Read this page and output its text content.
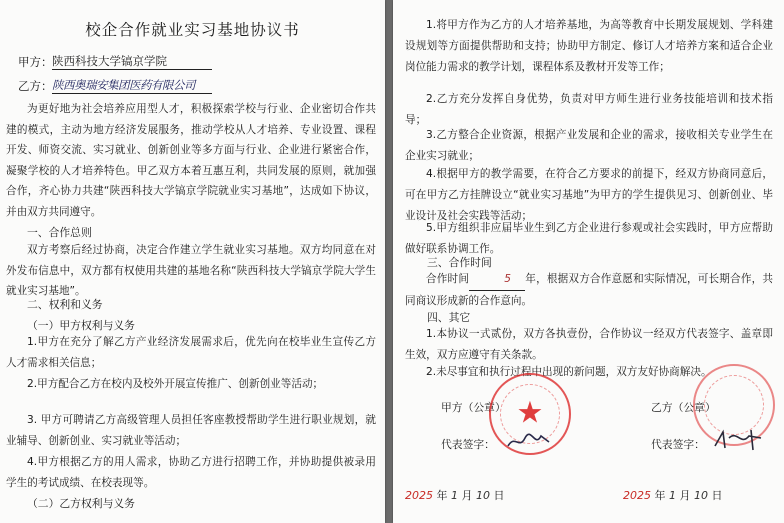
校企合作就业实习基地协议书
甲方： 陕西科技大学镐京学院
乙方： 陕西奥瑞安集团医药有限公司
为更好地为社会培养应用型人才，积极探索学校与行业、企业密切合作共建的模式，主动为地方经济发展服务，推动学校从人才培养、专业设置、课程开发、师资交流、实习就业、创新创业等多方面与行业、企业进行紧密合作，凝聚学校的人才培养特色。甲乙双方本着互惠互利，共同发展的原则，就加强合作，齐心协力共建“陕西科技大学镐京学院就业实习基地”，达成如下协议，并由双方共同遵守。
一、合作总则
双方考察后经过协商，决定合作建立学生就业实习基地。双方均同意在对外发布信息中，双方都有权使用共建的基地名称“陕西科技大学镐京学院大学生就业实习基地”。
二、权利和义务
（一）甲方权利与义务
1.甲方在充分了解乙方产业经济发展需求后，优先向在校毕业生宣传乙方人才需求相关信息；
2.甲方配合乙方在校内及校外开展宣传推广、创新创业等活动；
3. 甲方可聘请乙方高级管理人员担任客座教授帮助学生进行职业规划，就业辅导、创新创业、实习就业等活动；
4.甲方根据乙方的用人需求，协助乙方进行招聘工作，并协助提供被录用学生的考试成绩、在校表现等。
（二）乙方权利与义务
1.将甲方作为乙方的人才培养基地，为高等教育中长期发展规划、学科建设规划等方面提供帮助和支持；协助甲方制定、修订人才培养方案和适合企业岗位能力需求的教学计划，课程体系及教材开发等工作；
2.乙方充分发挥自身优势，负责对甲方师生进行业务技能培训和技术指导；
3.乙方整合企业资源，根据产业发展和企业的需求，接收相关专业学生在企业实习就业；
4.根据甲方的教学需要，在符合乙方要求的前提下，经双方协商同意后，可在甲方乙方挂牌设立“就业实习基地”为甲方的学生提供见习、创新创业、毕业设计及社会实践等活动；
5.甲方组织非应届毕业生到乙方企业进行参观或社会实践时，甲方应帮助做好联系协调工作。
三、合作时间
合作时间	5 年，根据双方合作意愿和实际情况，可长期合作，共同商议形成新的合作意向。
四、其它
1.本协议一式贰份，双方各执壹份，合作协议一经双方代表签字、盖章即生效，双方应遵守有关条款。
2.未尽事宜和执行过程中出现的新问题，双方友好协商解决。
甲方（公章）	乙方（公章）
★
代表签字：	代表签字：
2025 年 1 月 10 日	2025 年 1 月 10 日
